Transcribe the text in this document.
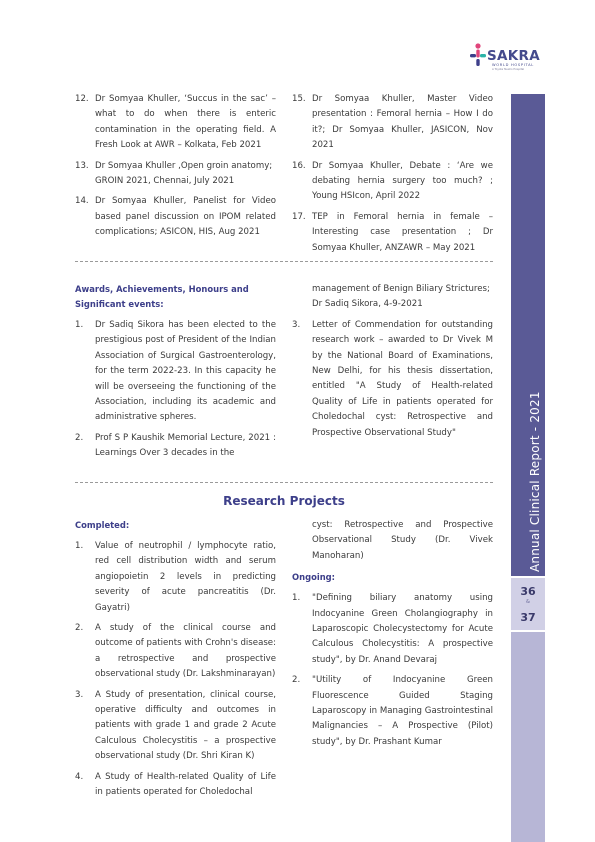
SAKRA
WORLD HOSPITAL
A Toyota Tsusho Hospital
Annual Clinical Report - 2021
36
&
37
12. Dr Somyaa Khuller, ‘Succus in the sac’ – what to do when there is enteric contamination in the operating field. A Fresh Look at AWR – Kolkata, Feb 2021
13. Dr Somyaa Khuller ,Open groin anatomy; GROIN 2021, Chennai, July 2021
14. Dr Somyaa Khuller, Panelist for Video based panel discussion on IPOM related complications; ASICON, HIS, Aug 2021
15. Dr Somyaa Khuller, Master Video presentation : Femoral hernia – How I do it?; Dr Somyaa Khuller, JASICON, Nov 2021
16. Dr Somyaa Khuller, Debate : ‘Are we debating hernia surgery too much? ; Young HSIcon, April 2022
17. TEP in Femoral hernia in female – Interesting case presentation ; Dr Somyaa Khuller, ANZAWR – May 2021
Awards, Achievements, Honours and
Significant events:
1. Dr Sadiq Sikora has been elected to the prestigious post of President of the Indian Association of Surgical Gastroenterology, for the term 2022-23. In this capacity he will be overseeing the functioning of the Association, including its academic and administrative spheres.
2. Prof S P Kaushik Memorial Lecture, 2021 : Learnings Over 3 decades in the
management of Benign Biliary Strictures; Dr Sadiq Sikora, 4-9-2021
3. Letter of Commendation for outstanding research work – awarded to Dr Vivek M by the National Board of Examinations, New Delhi, for his thesis dissertation, entitled "A Study of Health-related Quality of Life in patients operated for Choledochal cyst: Retrospective and Prospective Observational Study"
Research Projects
Completed:
1. Value of neutrophil / lymphocyte ratio, red cell distribution width and serum angiopoietin 2 levels in predicting severity of acute pancreatitis (Dr. Gayatri)
2. A study of the clinical course and outcome of patients with Crohn's disease: a retrospective and prospective observational study (Dr. Lakshminarayan)
3. A Study of presentation, clinical course, operative difficulty and outcomes in patients with grade 1 and grade 2 Acute Calculous Cholecystitis – a prospective observational study (Dr. Shri Kiran K)
4. A Study of Health-related Quality of Life in patients operated for Choledochal
cyst: Retrospective and Prospective Observational Study (Dr. Vivek Manoharan)
Ongoing:
1. "Defining biliary anatomy using Indocyanine Green Cholangiography in Laparoscopic Cholecystectomy for Acute Calculous Cholecystitis: A prospective study", by Dr. Anand Devaraj
2. "Utility of Indocyanine Green Fluorescence Guided Staging Laparoscopy in Managing Gastrointestinal Malignancies – A Prospective (Pilot) study", by Dr. Prashant Kumar
